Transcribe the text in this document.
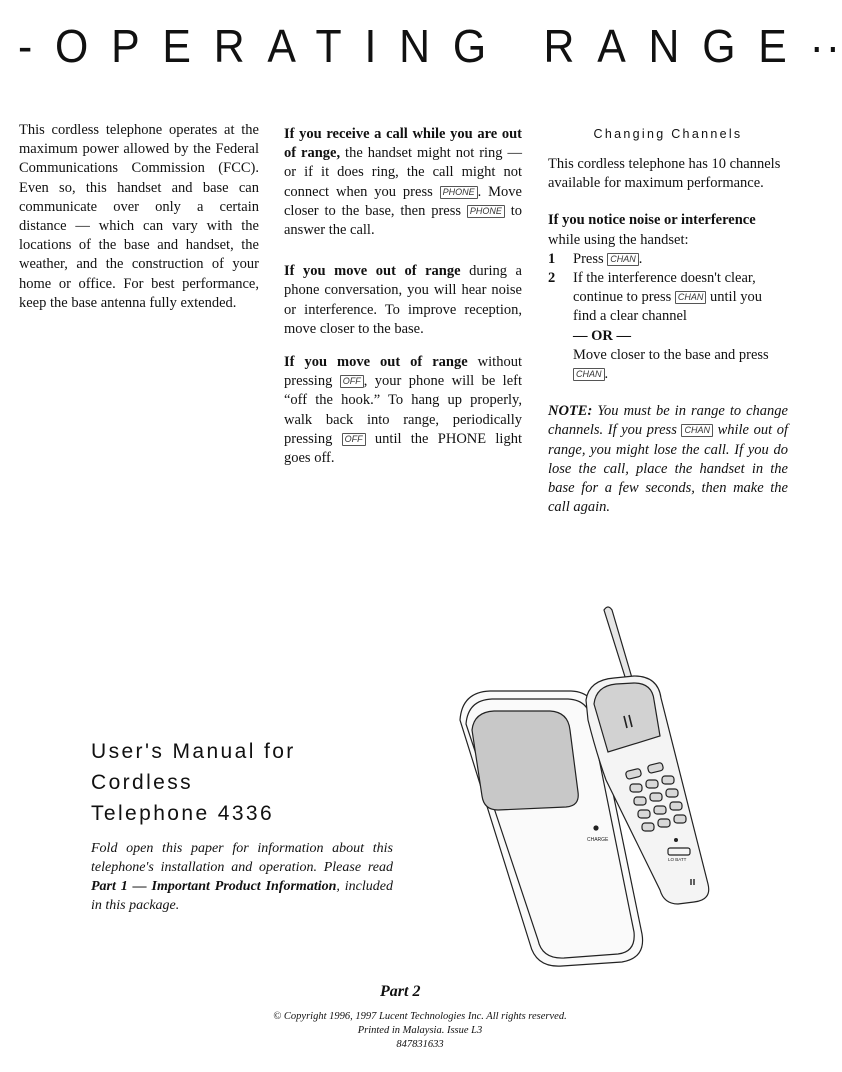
-OPERATING RANGE··

This cordless telephone operates at the maximum power allowed by the Federal Communications Commission (FCC). Even so, this handset and base can communicate over only a certain distance — which can vary with the locations of the base and handset, the weather, and the construction of your home or office. For best performance, keep the base antenna fully extended.

If you receive a call while you are out of range, the handset might not ring — or if it does ring, the call might not connect when you press PHONE . Move closer to the base, then press PHONE to answer the call.

If you move out of range during a phone conversation, you will hear noise or interference. To improve reception, move closer to the base.

If you move out of range without pressing OFF , your phone will be left “off the hook.” To hang up properly, walk back into range, periodically pressing OFF until the PHONE light goes off.

Changing Channels

This cordless telephone has 10 channels available for maximum performance.

If you notice noise or interference while using the handset:

1 Press CHAN .
2 If the interference doesn't clear, continue to press CHAN until you find a clear channel
— OR —
Move closer to the base and press CHAN .

NOTE: You must be in range to change channels. If you press CHAN while out of range, you might lose the call. If you do lose the call, place the handset in the base for a few seconds, then make the call again.

User's Manual for
Cordless
Telephone 4336
Fold open this paper for information about this telephone's installation and operation. Please read Part 1 — Important Product Information, included in this package.
CHARGE
LO BATT
Part 2
© Copyright 1996, 1997 Lucent Technologies Inc. All rights reserved.
Printed in Malaysia. Issue L3
847831633
